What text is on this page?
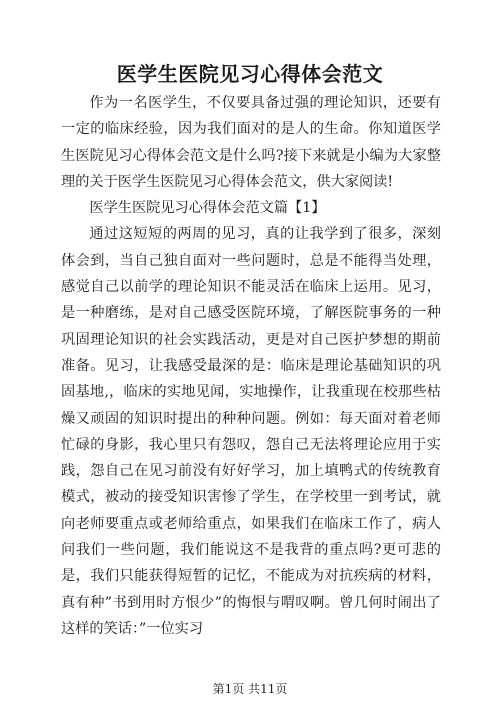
医学生医院见习心得体会范文

作为一名医学生，不仅要具备过强的理论知识，还要有一定的临床经验，因为我们面对的是人的生命。你知道医学生医院见习心得体会范文是什么吗?接下来就是小编为大家整理的关于医学生医院见习心得体会范文，供大家阅读!

医学生医院见习心得体会范文篇【1】

通过这短短的两周的见习，真的让我学到了很多，深刻体会到，当自己独自面对一些问题时，总是不能得当处理，感觉自己以前学的理论知识不能灵活在临床上运用。见习，是一种磨练，是对自己感受医院环境，了解医院事务的一种巩固理论知识的社会实践活动，更是对自己医护梦想的期前准备。见习，让我感受最深的是：临床是理论基础知识的巩固基地,，临床的实地见闻，实地操作，让我重现在校那些枯燥又顽固的知识时提出的种种问题。例如：每天面对着老师忙碌的身影，我心里只有怨叹，怨自己无法将理论应用于实践，怨自己在见习前没有好好学习，加上填鸭式的传统教育模式，被动的接受知识害惨了学生，在学校里一到考试，就向老师要重点或老师给重点，如果我们在临床工作了，病人问我们一些问题，我们能说这不是我背的重点吗?更可悲的是，我们只能获得短暂的记忆，不能成为对抗疾病的材料，真有种”书到用时方恨少”的悔恨与喟叹啊。曾几何时闹出了这样的笑话：”一位实习

第1页 共11页
